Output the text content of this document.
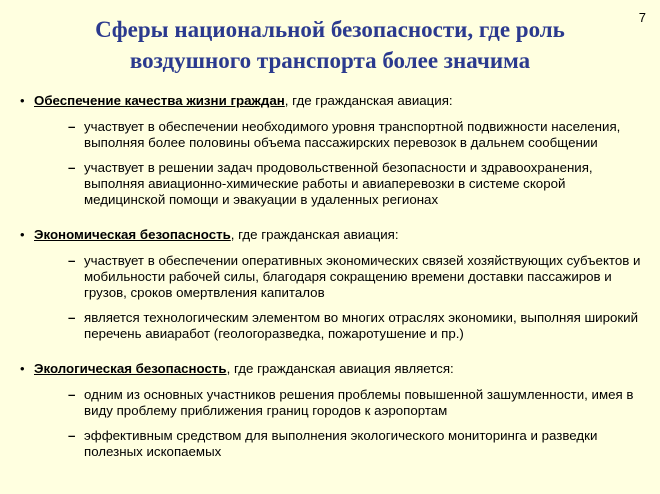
7
Сферы национальной безопасности, где роль воздушного транспорта более значима
• Обеспечение качества жизни граждан, где гражданская авиация:
– участвует в обеспечении необходимого уровня транспортной подвижности населения, выполняя более половины объема пассажирских перевозок в дальнем сообщении
– участвует в решении задач продовольственной безопасности и здравоохранения, выполняя авиационно-химические работы и авиаперевозки в системе скорой медицинской помощи и эвакуации в удаленных регионах
• Экономическая безопасность, где гражданская авиация:
– участвует в обеспечении оперативных экономических связей хозяйствующих субъектов и мобильности рабочей силы, благодаря сокращению времени доставки пассажиров и грузов, сроков омертвления капиталов
– является технологическим элементом во многих отраслях экономики, выполняя широкий перечень авиаработ (геологоразведка, пожаротушение и пр.)
• Экологическая безопасность, где гражданская авиация является:
– одним из основных участников решения проблемы повышенной зашумленности, имея в виду проблему приближения границ городов к аэропортам
– эффективным средством для выполнения экологического мониторинга и разведки полезных ископаемых
